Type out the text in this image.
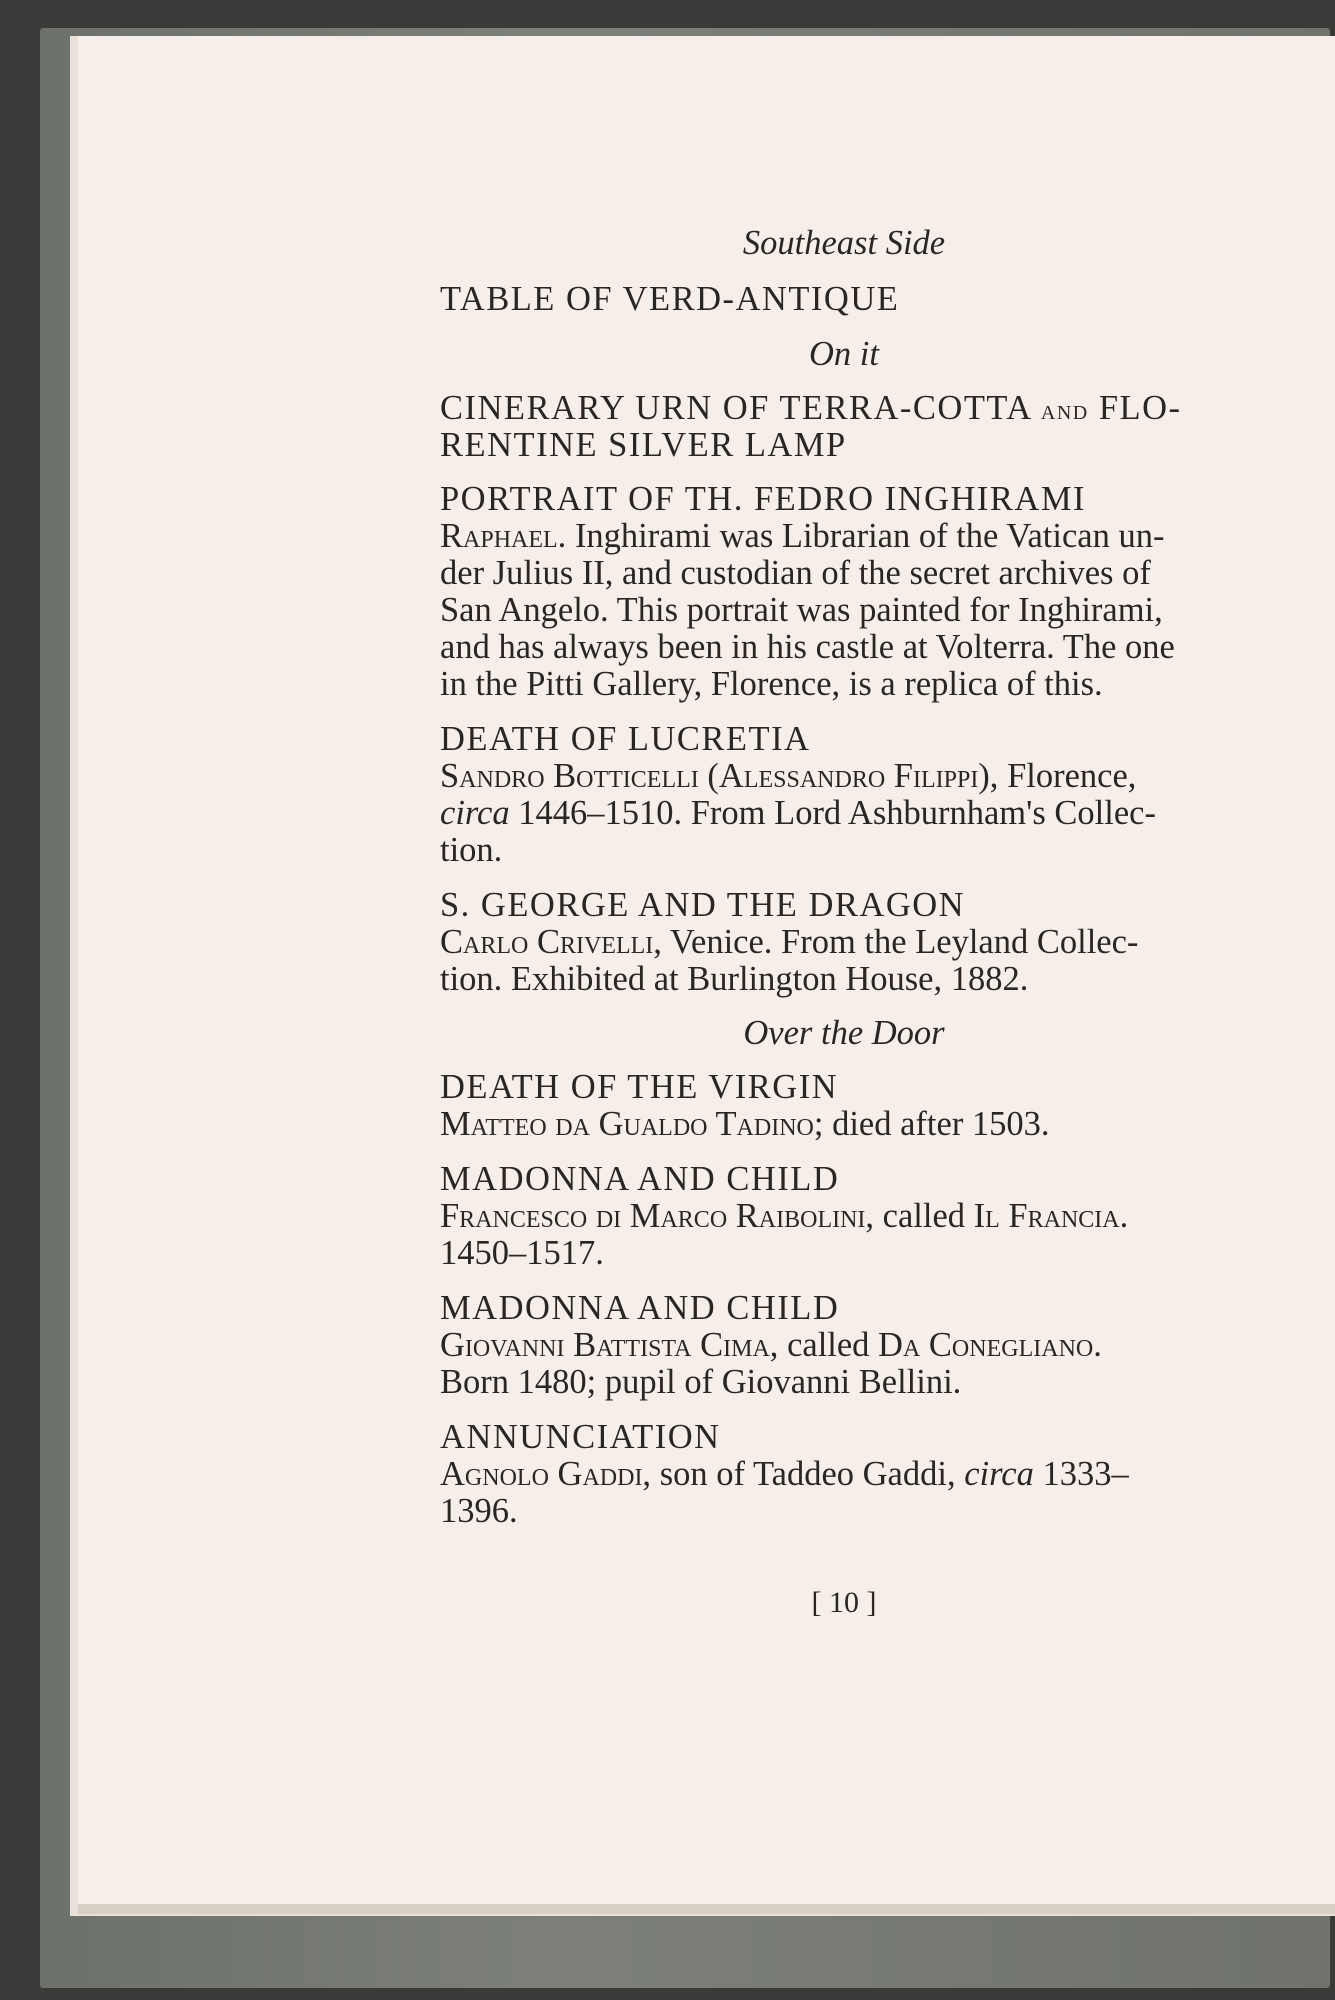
Southeast Side
TABLE OF VERD-ANTIQUE
On it
CINERARY URN OF TERRA-COTTA and FLO-
RENTINE SILVER LAMP
PORTRAIT OF TH. FEDRO INGHIRAMI
Raphael. Inghirami was Librarian of the Vatican un-
der Julius II, and custodian of the secret archives of
San Angelo. This portrait was painted for Inghirami,
and has always been in his castle at Volterra. The one
in the Pitti Gallery, Florence, is a replica of this.
DEATH OF LUCRETIA
Sandro Botticelli (Alessandro Filippi), Florence,
circa 1446–1510. From Lord Ashburnham's Collec-
tion.
S. GEORGE AND THE DRAGON
Carlo Crivelli, Venice. From the Leyland Collec-
tion. Exhibited at Burlington House, 1882.
Over the Door
DEATH OF THE VIRGIN
Matteo da Gualdo Tadino; died after 1503.
MADONNA AND CHILD
Francesco di Marco Raibolini, called Il Francia.
1450–1517.
MADONNA AND CHILD
Giovanni Battista Cima, called Da Conegliano.
Born 1480; pupil of Giovanni Bellini.
ANNUNCIATION
Agnolo Gaddi, son of Taddeo Gaddi, circa 1333–
1396.
[ 10 ]
